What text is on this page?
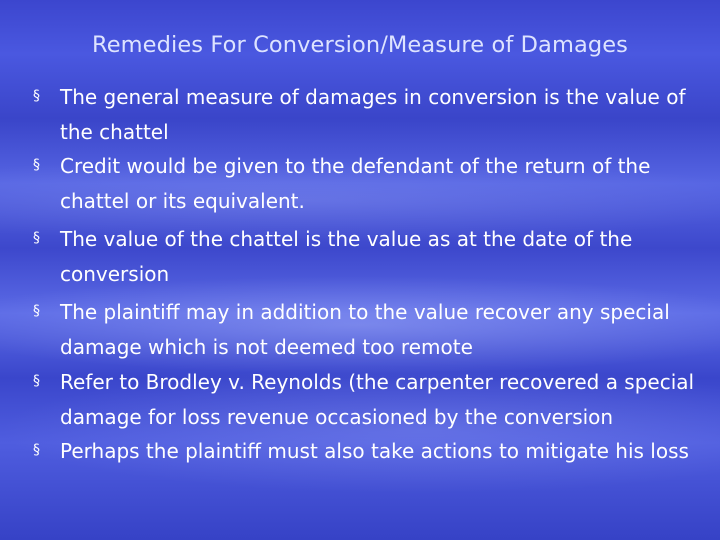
Remedies For Conversion/Measure of Damages
§ The general measure of damages in conversion is the value of the chattel
§ Credit would be given to the defendant of the return of the chattel or its equivalent.
§ The value of the chattel is the value as at the date of the conversion
§ The plaintiff may in addition to the value recover any special damage which is not deemed too remote
§ Refer to Brodley v. Reynolds (the carpenter recovered a special damage for loss revenue occasioned by the conversion
§ Perhaps the plaintiff must also take actions to mitigate his loss
